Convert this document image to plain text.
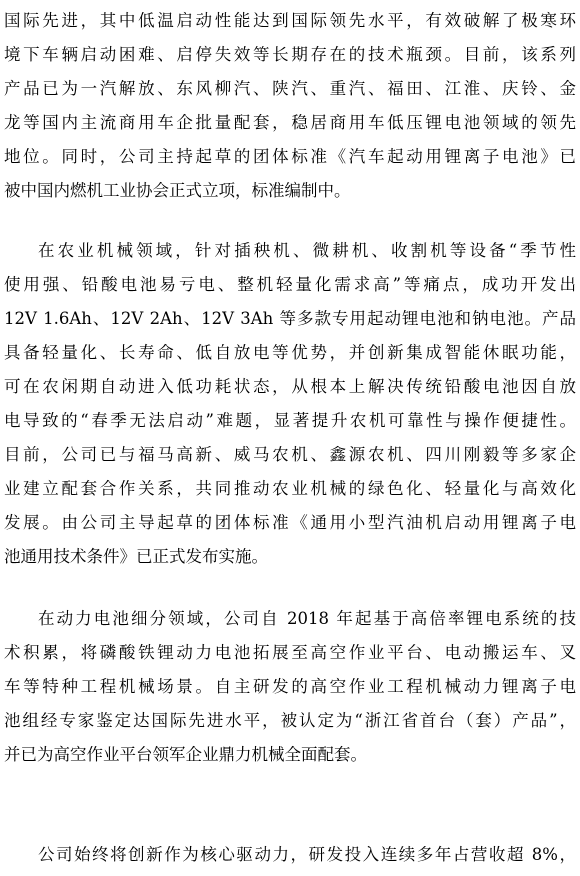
国际先进，其中低温启动性能达到国际领先水平，有效破解了极寒环
境下车辆启动困难、启停失效等长期存在的技术瓶颈。目前，该系列
产品已为一汽解放、东风柳汽、陕汽、重汽、福田、江淮、庆铃、金
龙等国内主流商用车企批量配套，稳居商用车低压锂电池领域的领先
地位。同时，公司主持起草的团体标准《汽车起动用锂离子电池》已
被中国内燃机工业协会正式立项，标准编制中。
在农业机械领域，针对插秧机、微耕机、收割机等设备“季节性
使用强、铅酸电池易亏电、整机轻量化需求高”等痛点，成功开发出
12V 1.6Ah、12V 2Ah、12V 3Ah 等多款专用起动锂电池和钠电池。产品
具备轻量化、长寿命、低自放电等优势，并创新集成智能休眠功能，
可在农闲期自动进入低功耗状态，从根本上解决传统铅酸电池因自放
电导致的“春季无法启动”难题，显著提升农机可靠性与操作便捷性。
目前，公司已与福马高新、威马农机、鑫源农机、四川刚毅等多家企
业建立配套合作关系，共同推动农业机械的绿色化、轻量化与高效化
发展。由公司主导起草的团体标准《通用小型汽油机启动用锂离子电
池通用技术条件》已正式发布实施。
在动力电池细分领域，公司自 2018 年起基于高倍率锂电系统的技
术积累，将磷酸铁锂动力电池拓展至高空作业平台、电动搬运车、叉
车等特种工程机械场景。自主研发的高空作业工程机械动力锂离子电
池组经专家鉴定达国际先进水平，被认定为“浙江省首台（套）产品”，
并已为高空作业平台领军企业鼎力机械全面配套。
公司始终将创新作为核心驱动力，研发投入连续多年占营收超 8%，
